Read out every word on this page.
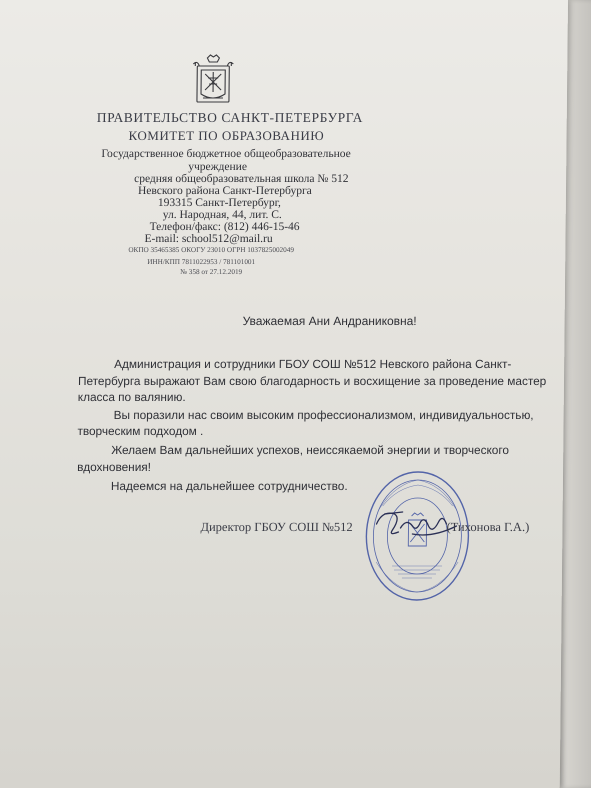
ПРАВИТЕЛЬСТВО САНКТ-ПЕТЕРБУРГА
КОМИТЕТ ПО ОБРАЗОВАНИЮ
Государственное бюджетное общеобразовательное
учреждение
средняя общеобразовательная школа № 512
Невского района Санкт-Петербурга
193315 Санкт-Петербург,
ул. Народная, 44, лит. С.
Телефон/факс: (812) 446-15-46
E-mail: school512@mail.ru
ОКПО 35465385 ОКОГУ 23010 ОГРН 1037825002049
ИНН/КПП 7811022953 / 781101001
№ 358 от 27.12.2019
Уважаемая Ани Андраниковна!
Администрация и сотрудники ГБОУ СОШ №512 Невского района Санкт-
Петербурга выражают Вам свою благодарность и восхищение за проведение мастер
класса по валянию.
Вы поразили нас своим высоким профессионализмом, индивидуальностью,
творческим подходом .
Желаем Вам дальнейших успехов, неиссякаемой энергии и творческого
вдохновения!
Надеемся на дальнейшее сотрудничество.
Директор ГБОУ СОШ №512	(Тихонова Г.А.)
